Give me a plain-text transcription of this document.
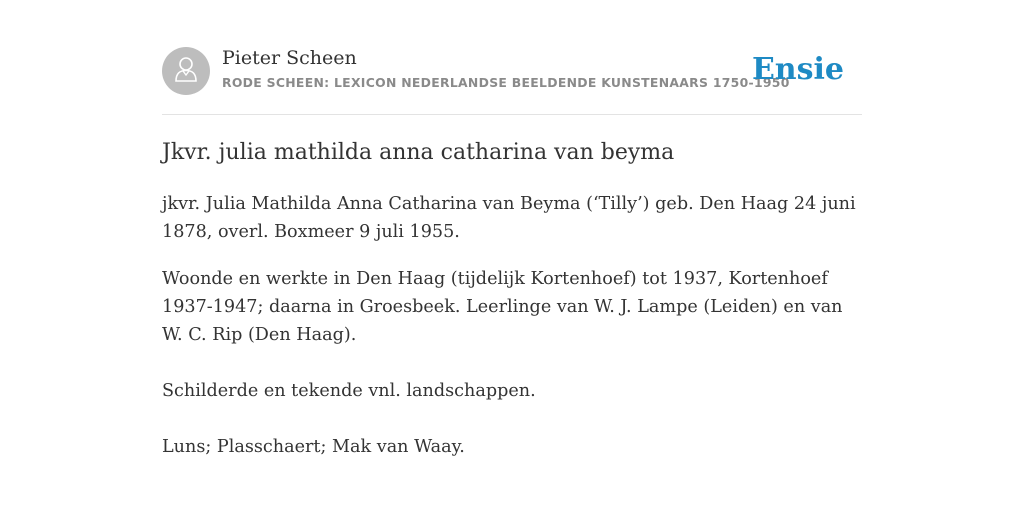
Pieter Scheen
RODE SCHEEN: LEXICON NEDERLANDSE BEELDENDE KUNSTENAARS 1750-1950
Ensie
Jkvr. julia mathilda anna catharina van beyma

jkvr. Julia Mathilda Anna Catharina van Beyma (‘Tilly’) geb. Den Haag 24 juni 1878, overl. Boxmeer 9 juli 1955.

Woonde en werkte in Den Haag (tijdelijk Kortenhoef) tot 1937, Kortenhoef 1937-1947; daarna in Groesbeek. Leerlinge van W. J. Lampe (Leiden) en van W. C. Rip (Den Haag).

Schilderde en tekende vnl. landschappen.

Luns; Plasschaert; Mak van Waay.
